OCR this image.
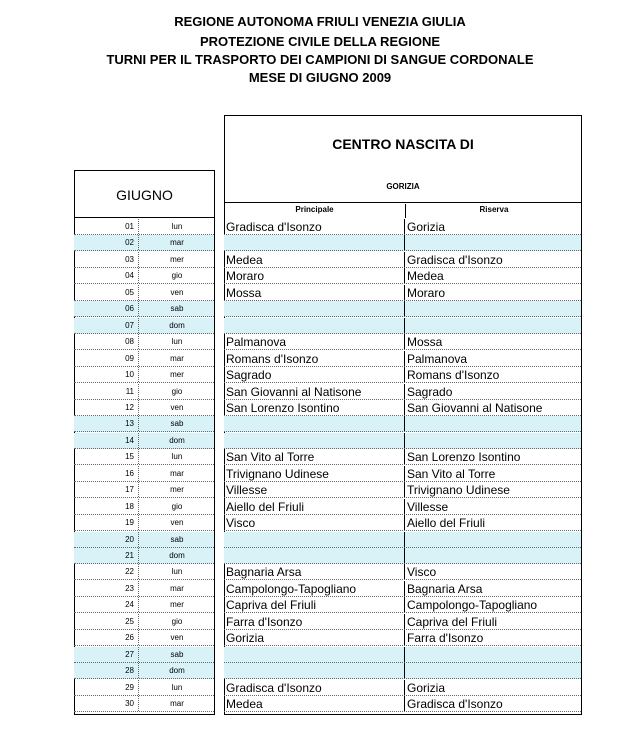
REGIONE AUTONOMA FRIULI VENEZIA GIULIA
PROTEZIONE CIVILE DELLA REGIONE
TURNI PER IL TRASPORTO DEI CAMPIONI DI SANGUE CORDONALE
MESE DI GIUGNO 2009
GIUGNO
CENTRO NASCITA DI
GORIZIA
Principale	Riserva
01	lun	Gradisca d'Isonzo	Gorizia
02	mar
03	mer	Medea	Gradisca d'Isonzo
04	gio	Moraro	Medea
05	ven	Mossa	Moraro
06	sab
07	dom
08	lun	Palmanova	Mossa
09	mar	Romans d'Isonzo	Palmanova
10	mer	Sagrado	Romans d'Isonzo
11	gio	San Giovanni al Natisone	Sagrado
12	ven	San Lorenzo Isontino	San Giovanni al Natisone
13	sab
14	dom
15	lun	San Vito al Torre	San Lorenzo Isontino
16	mar	Trivignano Udinese	San Vito al Torre
17	mer	Villesse	Trivignano Udinese
18	gio	Aiello del Friuli	Villesse
19	ven	Visco	Aiello del Friuli
20	sab
21	dom
22	lun	Bagnaria Arsa	Visco
23	mar	Campolongo-Tapogliano	Bagnaria Arsa
24	mer	Capriva del Friuli	Campolongo-Tapogliano
25	gio	Farra d'Isonzo	Capriva del Friuli
26	ven	Gorizia	Farra d'Isonzo
27	sab
28	dom
29	lun	Gradisca d'Isonzo	Gorizia
30	mar	Medea	Gradisca d'Isonzo
